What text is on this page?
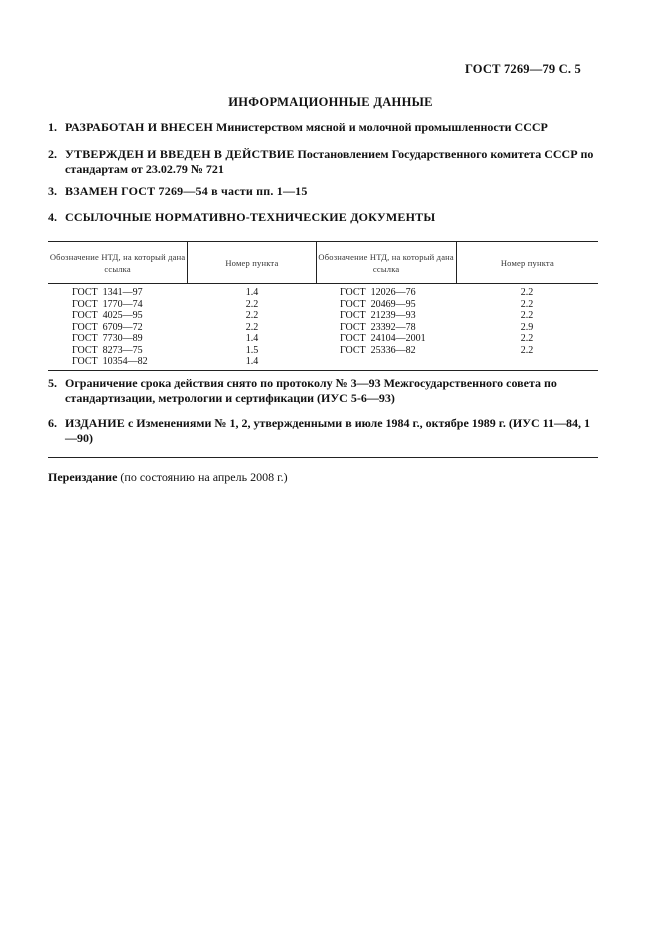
ГОСТ 7269—79 С. 5
ИНФОРМАЦИОННЫЕ ДАННЫЕ
1. РАЗРАБОТАН И ВНЕСЕН Министерством мясной и молочной промышленности СССР
2. УТВЕРЖДЕН И ВВЕДЕН В ДЕЙСТВИЕ Постановлением Государственного комитета СССР по стандартам от 23.02.79 № 721
3. ВЗАМЕН ГОСТ 7269—54 в части пп. 1—15
4. ССЫЛОЧНЫЕ НОРМАТИВНО-ТЕХНИЧЕСКИЕ ДОКУМЕНТЫ
Обозначение НТД, на который дана ссылка
Номер пункта
Обозначение НТД, на который дана ссылка
Номер пункта
ГОСТ  1341—97
ГОСТ  1770—74
ГОСТ  4025—95
ГОСТ  6709—72
ГОСТ  7730—89
ГОСТ  8273—75
ГОСТ  10354—82
1.4
2.2
2.2
2.2
1.4
1.5
1.4
ГОСТ  12026—76
ГОСТ  20469—95
ГОСТ  21239—93
ГОСТ  23392—78
ГОСТ  24104—2001
ГОСТ  25336—82
2.2
2.2
2.2
2.9
2.2
2.2
5. Ограничение срока действия снято по протоколу № 3—93 Межгосударственного совета по стандартизации, метрологии и сертификации (ИУС 5-6—93)
6. ИЗДАНИЕ с Изменениями № 1, 2, утвержденными в июле 1984 г., октябре 1989 г. (ИУС 11—84, 1—90)
Переиздание (по состоянию на апрель 2008 г.)
